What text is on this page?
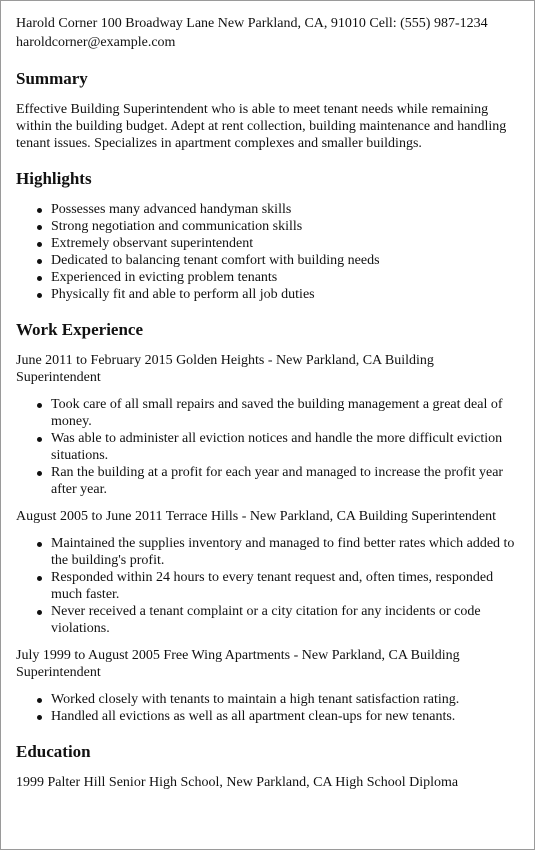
Harold Corner 100 Broadway Lane New Parkland, CA, 91010 Cell: (555) 987-1234

haroldcorner@example.com

Summary

Effective Building Superintendent who is able to meet tenant needs while remaining within the building budget. Adept at rent collection, building maintenance and handling tenant issues. Specializes in apartment complexes and smaller buildings.

Highlights
Possesses many advanced handyman skills
Strong negotiation and communication skills
Extremely observant superintendent
Dedicated to balancing tenant comfort with building needs
Experienced in evicting problem tenants
Physically fit and able to perform all job duties
Work Experience

June 2011 to February 2015 Golden Heights - New Parkland, CA Building Superintendent

Took care of all small repairs and saved the building management a great deal of money.
Was able to administer all eviction notices and handle the more difficult eviction situations.
Ran the building at a profit for each year and managed to increase the profit year after year.

August 2005 to June 2011 Terrace Hills - New Parkland, CA Building Superintendent

Maintained the supplies inventory and managed to find better rates which added to the building's profit.
Responded within 24 hours to every tenant request and, often times, responded much faster.
Never received a tenant complaint or a city citation for any incidents or code violations.

July 1999 to August 2005 Free Wing Apartments - New Parkland, CA Building Superintendent

Worked closely with tenants to maintain a high tenant satisfaction rating.
Handled all evictions as well as all apartment clean-ups for new tenants.
Education

1999 Palter Hill Senior High School, New Parkland, CA High School Diploma
